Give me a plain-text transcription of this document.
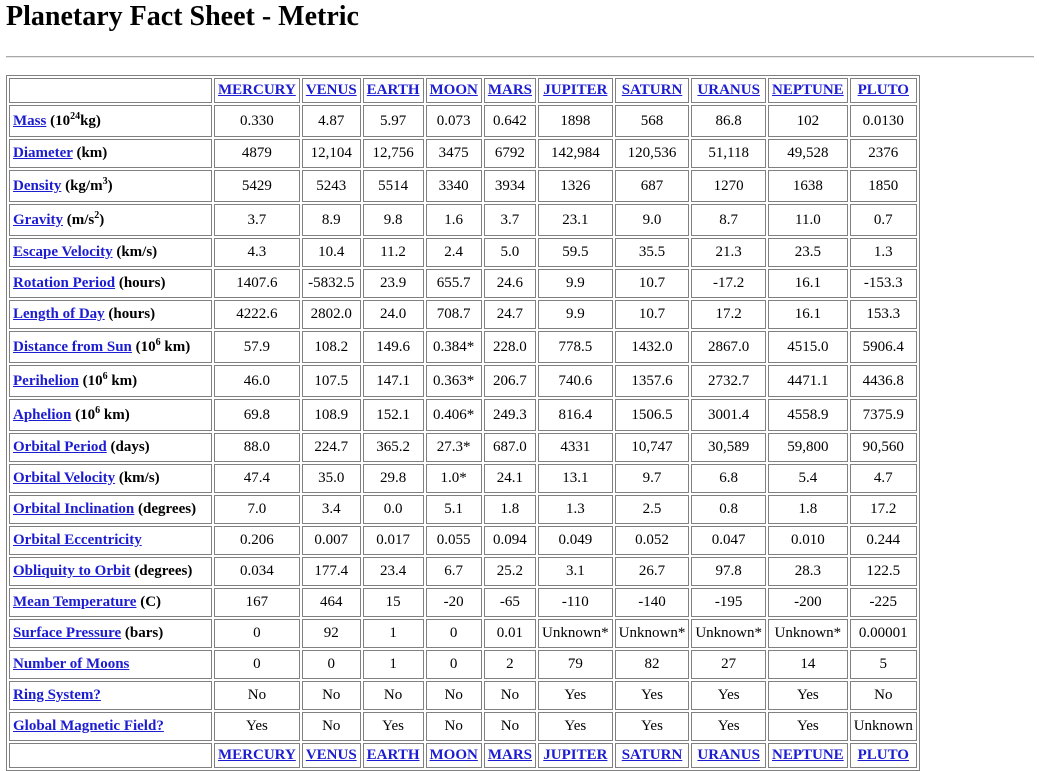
Planetary Fact Sheet - Metric
	MERCURY	VENUS	EARTH	MOON	MARS	JUPITER	SATURN	URANUS	NEPTUNE	PLUTO
Mass $(10^{24}kg)$	0.330	4.87	5.97	0.073	0.642	1898	568	86.8	102	0.0130
Diameter (km)	4879	12,104	12,756	3475	6792	142,984	120,536	51,118	49,528	2376
Density $(kg/m^3)$	5429	5243	5514	3340	3934	1326	687	1270	1638	1850
Gravity $(m/s^2)$	3.7	8.9	9.8	1.6	3.7	23.1	9.0	8.7	11.0	0.7
Escape Velocity (km/s)	4.3	10.4	11.2	2.4	5.0	59.5	35.5	21.3	23.5	1.3
Rotation Period (hours)	1407.6	-5832.5	23.9	655.7	24.6	9.9	10.7	-17.2	16.1	-153.3
Length of Day (hours)	4222.6	2802.0	24.0	708.7	24.7	9.9	10.7	17.2	16.1	153.3
Distance from Sun ($10^6$ km)	57.9	108.2	149.6	0.384*	228.0	778.5	1432.0	2867.0	4515.0	5906.4
Perihelion ($10^6$ km)	46.0	107.5	147.1	0.363*	206.7	740.6	1357.6	2732.7	4471.1	4436.8
Aphelion ($10^6$ km)	69.8	108.9	152.1	0.406*	249.3	816.4	1506.5	3001.4	4558.9	7375.9
Orbital Period (days)	88.0	224.7	365.2	27.3*	687.0	4331	10,747	30,589	59,800	90,560
Orbital Velocity (km/s)	47.4	35.0	29.8	1.0*	24.1	13.1	9.7	6.8	5.4	4.7
Orbital Inclination (degrees)	7.0	3.4	0.0	5.1	1.8	1.3	2.5	0.8	1.8	17.2
Orbital Eccentricity	0.206	0.007	0.017	0.055	0.094	0.049	0.052	0.047	0.010	0.244
Obliquity to Orbit (degrees)	0.034	177.4	23.4	6.7	25.2	3.1	26.7	97.8	28.3	122.5
Mean Temperature (C)	167	464	15	-20	-65	-110	-140	-195	-200	-225
Surface Pressure (bars)	0	92	1	0	0.01	Unknown*	Unknown*	Unknown*	Unknown*	0.00001
Number of Moons	0	0	1	0	2	79	82	27	14	5
Ring System?	No	No	No	No	No	Yes	Yes	Yes	Yes	No
Global Magnetic Field?	Yes	No	Yes	No	No	Yes	Yes	Yes	Yes	Unknown
	MERCURY	VENUS	EARTH	MOON	MARS	JUPITER	SATURN	URANUS	NEPTUNE	PLUTO
